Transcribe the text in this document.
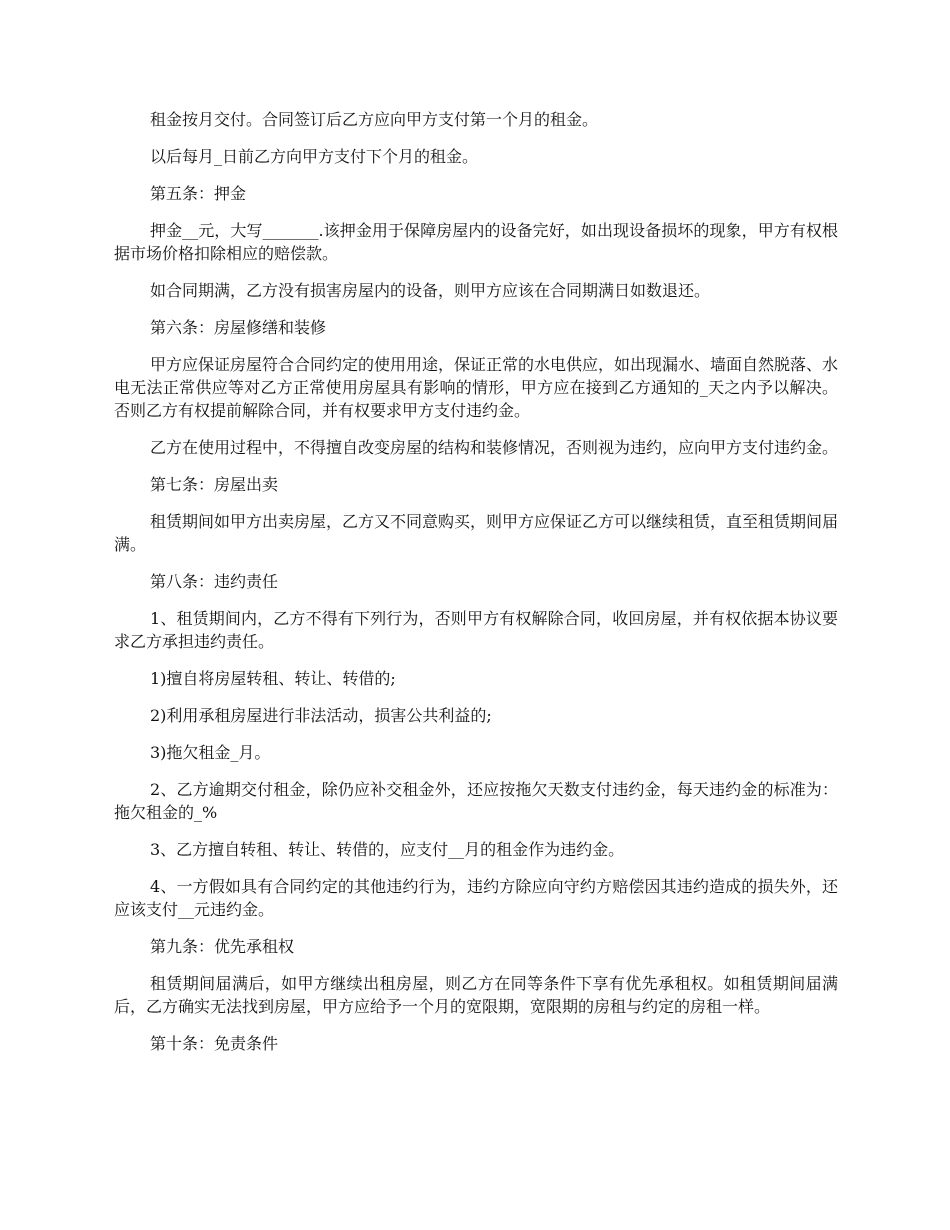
租金按月交付。合同签订后乙方应向甲方支付第一个月的租金。

以后每月_日前乙方向甲方支付下个月的租金。

第五条：押金

押金__元，大写_______.该押金用于保障房屋内的设备完好，如出现设备损坏的现象，甲方有权根据市场价格扣除相应的赔偿款。

如合同期满，乙方没有损害房屋内的设备，则甲方应该在合同期满日如数退还。

第六条：房屋修缮和装修

甲方应保证房屋符合合同约定的使用用途，保证正常的水电供应，如出现漏水、墙面自然脱落、水电无法正常供应等对乙方正常使用房屋具有影响的情形，甲方应在接到乙方通知的_天之内予以解决。否则乙方有权提前解除合同，并有权要求甲方支付违约金。

乙方在使用过程中，不得擅自改变房屋的结构和装修情况，否则视为违约，应向甲方支付违约金。

第七条：房屋出卖

租赁期间如甲方出卖房屋，乙方又不同意购买，则甲方应保证乙方可以继续租赁，直至租赁期间届满。

第八条：违约责任

1、租赁期间内，乙方不得有下列行为，否则甲方有权解除合同，收回房屋，并有权依据本协议要求乙方承担违约责任。

1)擅自将房屋转租、转让、转借的;

2)利用承租房屋进行非法活动，损害公共利益的;

3)拖欠租金_月。

2、乙方逾期交付租金，除仍应补交租金外，还应按拖欠天数支付违约金，每天违约金的标准为：拖欠租金的_%

3、乙方擅自转租、转让、转借的，应支付__月的租金作为违约金。

4、一方假如具有合同约定的其他违约行为，违约方除应向守约方赔偿因其违约造成的损失外，还应该支付__元违约金。

第九条：优先承租权

租赁期间届满后，如甲方继续出租房屋，则乙方在同等条件下享有优先承租权。如租赁期间届满后，乙方确实无法找到房屋，甲方应给予一个月的宽限期，宽限期的房租与约定的房租一样。

第十条：免责条件
